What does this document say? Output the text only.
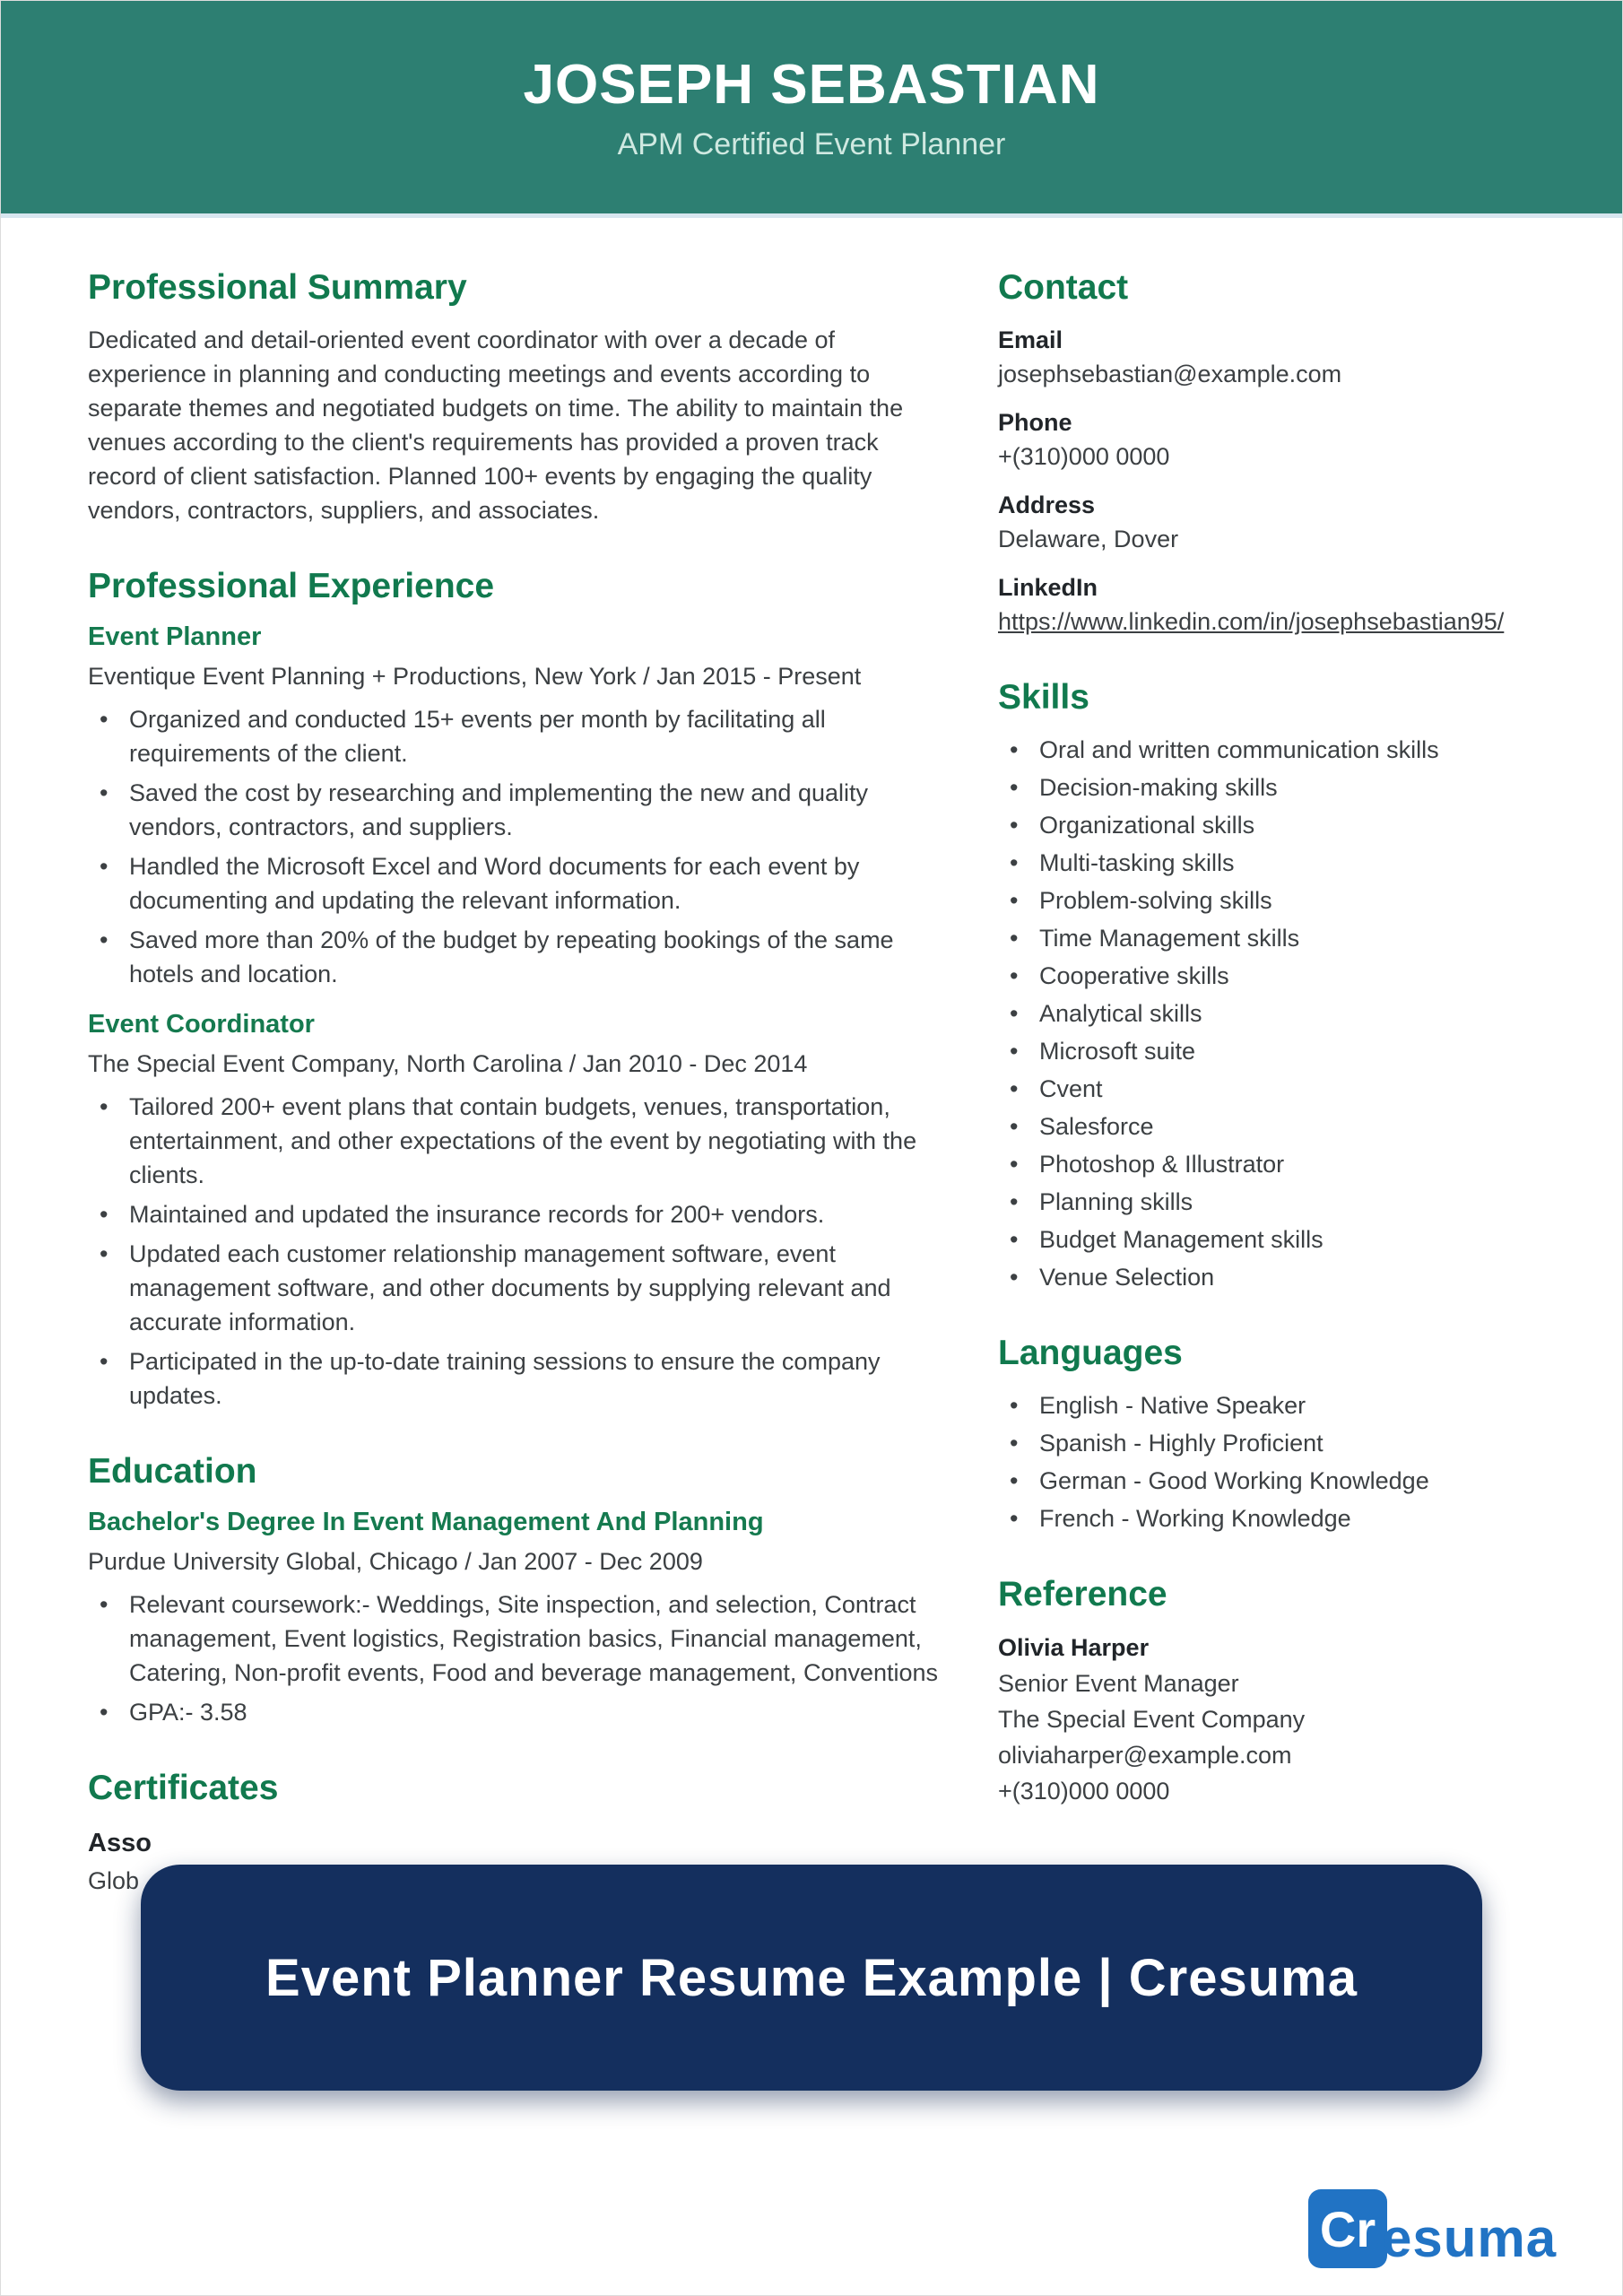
JOSEPH SEBASTIAN
APM Certified Event Planner
Professional Summary

Dedicated and detail-oriented event coordinator with over a decade of experience in planning and conducting meetings and events according to separate themes and negotiated budgets on time. The ability to maintain the venues according to the client's requirements has provided a proven track record of client satisfaction. Planned 100+ events by engaging the quality vendors, contractors, suppliers, and associates.

Professional Experience
Event Planner

Eventique Event Planning + Productions, New York / Jan 2015 - Present

• Organized and conducted 15+ events per month by facilitating all requirements of the client.
• Saved the cost by researching and implementing the new and quality vendors, contractors, and suppliers.
• Handled the Microsoft Excel and Word documents for each event by documenting and updating the relevant information.
• Saved more than 20% of the budget by repeating bookings of the same hotels and location.
Event Coordinator

The Special Event Company, North Carolina / Jan 2010 - Dec 2014

• Tailored 200+ event plans that contain budgets, venues, transportation, entertainment, and other expectations of the event by negotiating with the clients.
• Maintained and updated the insurance records for 200+ vendors.
• Updated each customer relationship management software, event management software, and other documents by supplying relevant and accurate information.
• Participated in the up-to-date training sessions to ensure the company updates.
Education
Bachelor's Degree In Event Management And Planning

Purdue University Global, Chicago / Jan 2007 - Dec 2009

• Relevant coursework:- Weddings, Site inspection, and selection, Contract management, Event logistics, Registration basics, Financial management, Catering, Non-profit events, Food and beverage management, Conventions
• GPA:- 3.58
Certificates
Asso
Glob
Contact
Email
josephsebastian@example.com
Phone
+(310)000 0000
Address
Delaware, Dover
LinkedIn
https://www.linkedin.com/in/josephsebastian95/
Skills
• Oral and written communication skills
• Decision-making skills
• Organizational skills
• Multi-tasking skills
• Problem-solving skills
• Time Management skills
• Cooperative skills
• Analytical skills
• Microsoft suite
• Cvent
• Salesforce
• Photoshop & Illustrator
• Planning skills
• Budget Management skills
• Venue Selection
Languages
• English - Native Speaker
• Spanish - Highly Proficient
• German - Good Working Knowledge
• French - Working Knowledge
Reference
Olivia Harper
Senior Event Manager
The Special Event Company
oliviaharper@example.com
+(310)000 0000
Event Planner Resume Example | Cresuma
Cr esuma
